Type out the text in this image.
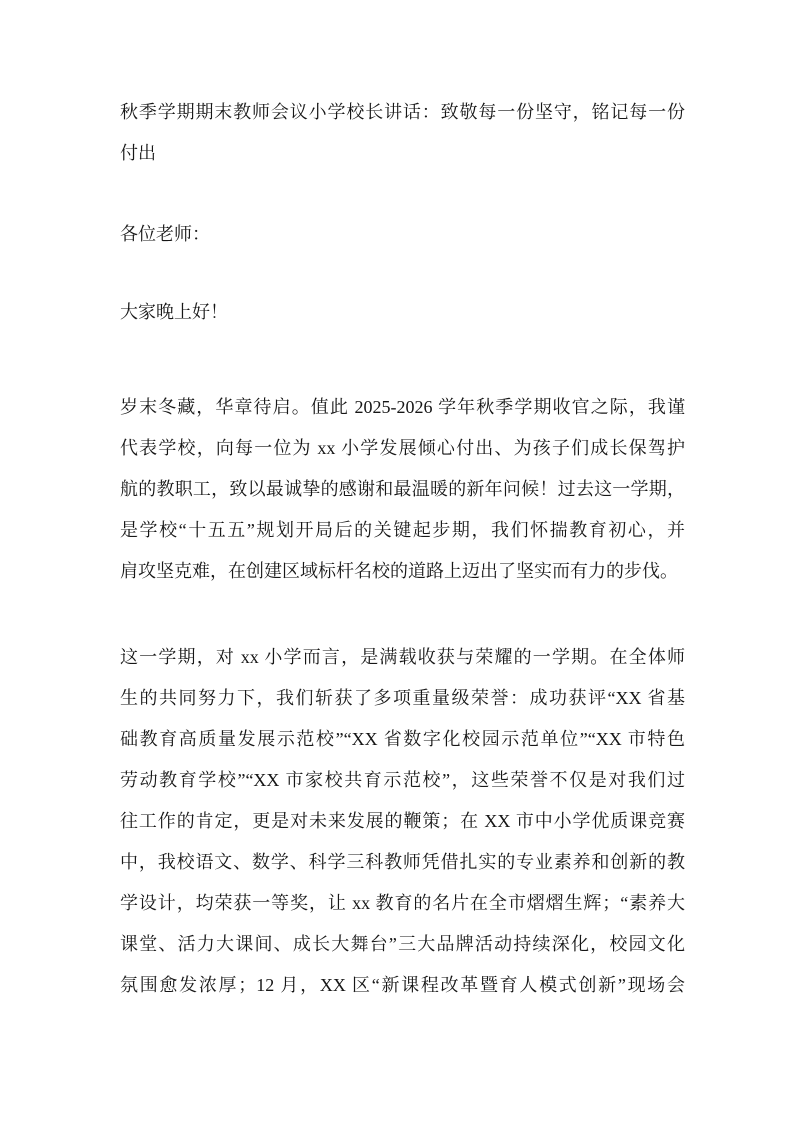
秋季学期期末教师会议小学校长讲话：致敬每一份坚守，铭记每一份
付出
各位老师：
大家晚上好！
岁末冬藏，华章待启。值此 2025-2026 学年秋季学期收官之际，我谨
代表学校，向每一位为 xx 小学发展倾心付出、为孩子们成长保驾护
航的教职工，致以最诚挚的感谢和最温暖的新年问候！过去这一学期，
是学校“十五五”规划开局后的关键起步期，我们怀揣教育初心，并
肩攻坚克难，在创建区域标杆名校的道路上迈出了坚实而有力的步伐。
这一学期，对 xx 小学而言，是满载收获与荣耀的一学期。在全体师
生的共同努力下，我们斩获了多项重量级荣誉：成功获评“XX 省基
础教育高质量发展示范校”“XX 省数字化校园示范单位”“XX 市特色
劳动教育学校”“XX 市家校共育示范校”，这些荣誉不仅是对我们过
往工作的肯定，更是对未来发展的鞭策；在 XX 市中小学优质课竞赛
中，我校语文、数学、科学三科教师凭借扎实的专业素养和创新的教
学设计，均荣获一等奖，让 xx 教育的名片在全市熠熠生辉；“素养大
课堂、活力大课间、成长大舞台”三大品牌活动持续深化，校园文化
氛围愈发浓厚；12 月，XX 区“新课程改革暨育人模式创新”现场会
